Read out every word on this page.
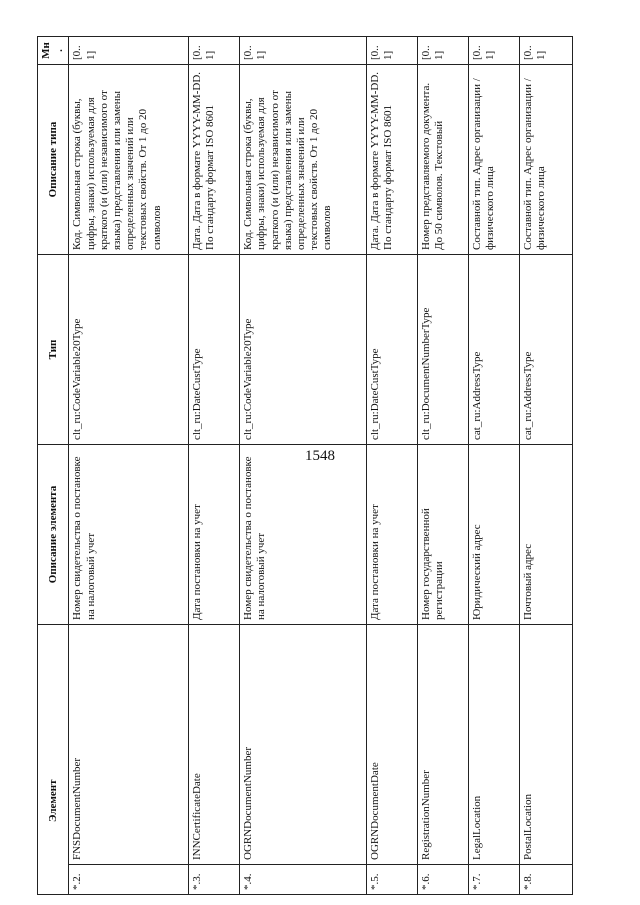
1548
Элемент		Описание элемента	Тип	Описание типа	Мн.
*.2.	FNSDocumentNumber	Номер свидетельства о постановке на налоговый учет	clt_ru:CodeVariable20Type	Код. Символьная строка (буквы, цифры, знаки) используемая для краткого (и (или) независимого от языка) представления или замены определенных значений или текстовых свойств. От 1 до 20 символов	[0..1]
*.3.	INNCertificateDate	Дата постановки на учет	clt_ru:DateCustType	Дата. Дата в формате YYYY-MM-DD. По стандарту формат ISO 8601	[0..1]
*.4.	OGRNDocumentNumber	Номер свидетельства о постановке на налоговый учет	clt_ru:CodeVariable20Type	Код. Символьная строка (буквы, цифры, знаки) используемая для краткого (и (или) независимого от языка) представления или замены определенных значений или текстовых свойств. От 1 до 20 символов	[0..1]
*.5.	OGRNDocumentDate	Дата постановки на учет	clt_ru:DateCustType	Дата. Дата в формате YYYY-MM-DD. По стандарту формат ISO 8601	[0..1]
*.6.	RegistrationNumber	Номер государственной регистрации	clt_ru:DocumentNumberType	Номер представляемого документа. До 50 символов. Текстовый	[0..1]
*.7.	LegalLocation	Юридический адрес	cat_ru:AddressType	Составной тип. Адрес организации / физического лица	[0..1]
*.8.	PostalLocation	Почтовый адрес	cat_ru:AddressType	Составной тип. Адрес организации / физического лица	[0..1]
